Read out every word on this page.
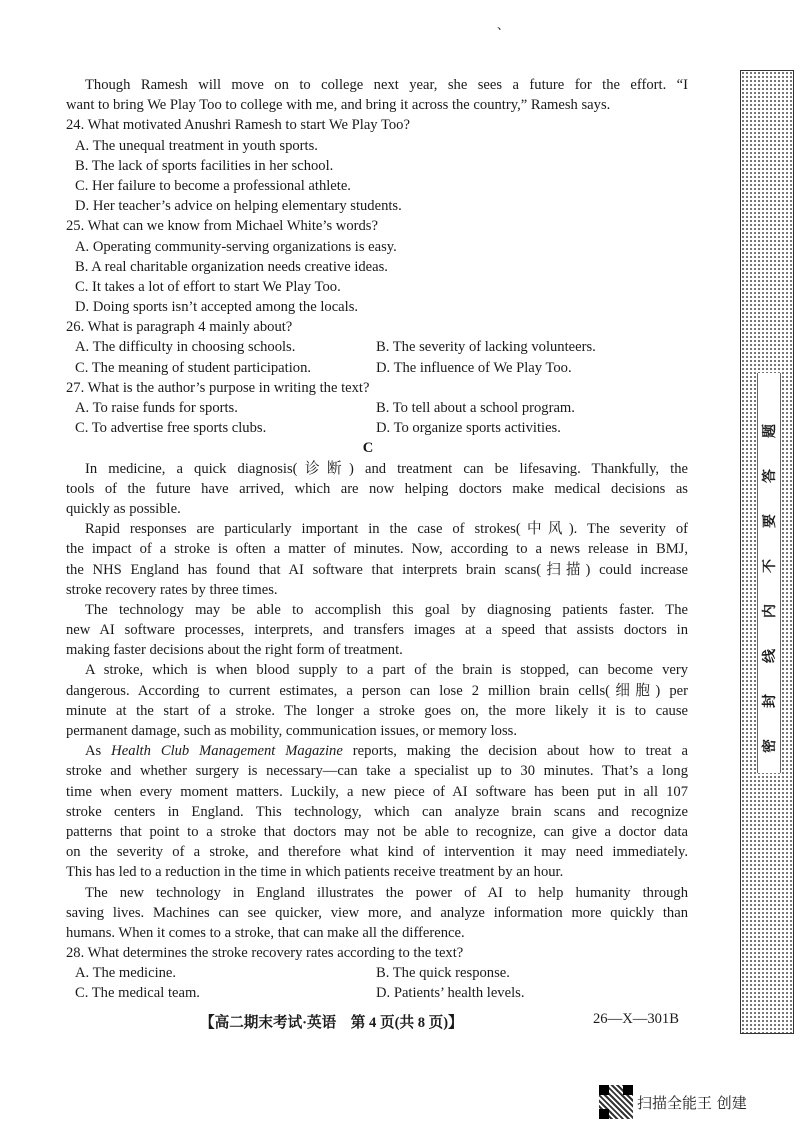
、
Though Ramesh will move on to college next year, she sees a future for the effort. “I
want to bring We Play Too to college with me, and bring it across the country,” Ramesh says.
24. What motivated Anushri Ramesh to start We Play Too?
A. The unequal treatment in youth sports.
B. The lack of sports facilities in her school.
C. Her failure to become a professional athlete.
D. Her teacher’s advice on helping elementary students.
25. What can we know from Michael White’s words?
A. Operating community-serving organizations is easy.
B. A real charitable organization needs creative ideas.
C. It takes a lot of effort to start We Play Too.
D. Doing sports isn’t accepted among the locals.
26. What is paragraph 4 mainly about?
A. The difficulty in choosing schools.	B. The severity of lacking volunteers.
C. The meaning of student participation.	D. The influence of We Play Too.
27. What is the author’s purpose in writing the text?
A. To raise funds for sports.	B. To tell about a school program.
C. To advertise free sports clubs.	D. To organize sports activities.
C
In medicine, a quick diagnosis(诊断) and treatment can be lifesaving. Thankfully, the
tools of the future have arrived, which are now helping doctors make medical decisions as
quickly as possible.
Rapid responses are particularly important in the case of strokes(中风). The severity of
the impact of a stroke is often a matter of minutes. Now, according to a news release in BMJ,
the NHS England has found that AI software that interprets brain scans(扫描) could increase
stroke recovery rates by three times.
The technology may be able to accomplish this goal by diagnosing patients faster. The
new AI software processes, interprets, and transfers images at a speed that assists doctors in
making faster decisions about the right form of treatment.
A stroke, which is when blood supply to a part of the brain is stopped, can become very
dangerous. According to current estimates, a person can lose 2 million brain cells(细胞) per
minute at the start of a stroke. The longer a stroke goes on, the more likely it is to cause
permanent damage, such as mobility, communication issues, or memory loss.
As Health Club Management Magazine reports, making the decision about how to treat a
stroke and whether surgery is necessary—can take a specialist up to 30 minutes. That’s a long
time when every moment matters. Luckily, a new piece of AI software has been put in all 107
stroke centers in England. This technology, which can analyze brain scans and recognize
patterns that point to a stroke that doctors may not be able to recognize, can give a doctor data
on the severity of a stroke, and therefore what kind of intervention it may need immediately.
This has led to a reduction in the time in which patients receive treatment by an hour.
The new technology in England illustrates the power of AI to help humanity through
saving lives. Machines can see quicker, view more, and analyze information more quickly than
humans. When it comes to a stroke, that can make all the difference.
28. What determines the stroke recovery rates according to the text?
A. The medicine.	B. The quick response.
C. The medical team.	D. Patients’ health levels.
密封线内不要答题
【高二期末考试·英语　第 4 页(共 8 页)】	26—X—301B
扫描全能王 创建
